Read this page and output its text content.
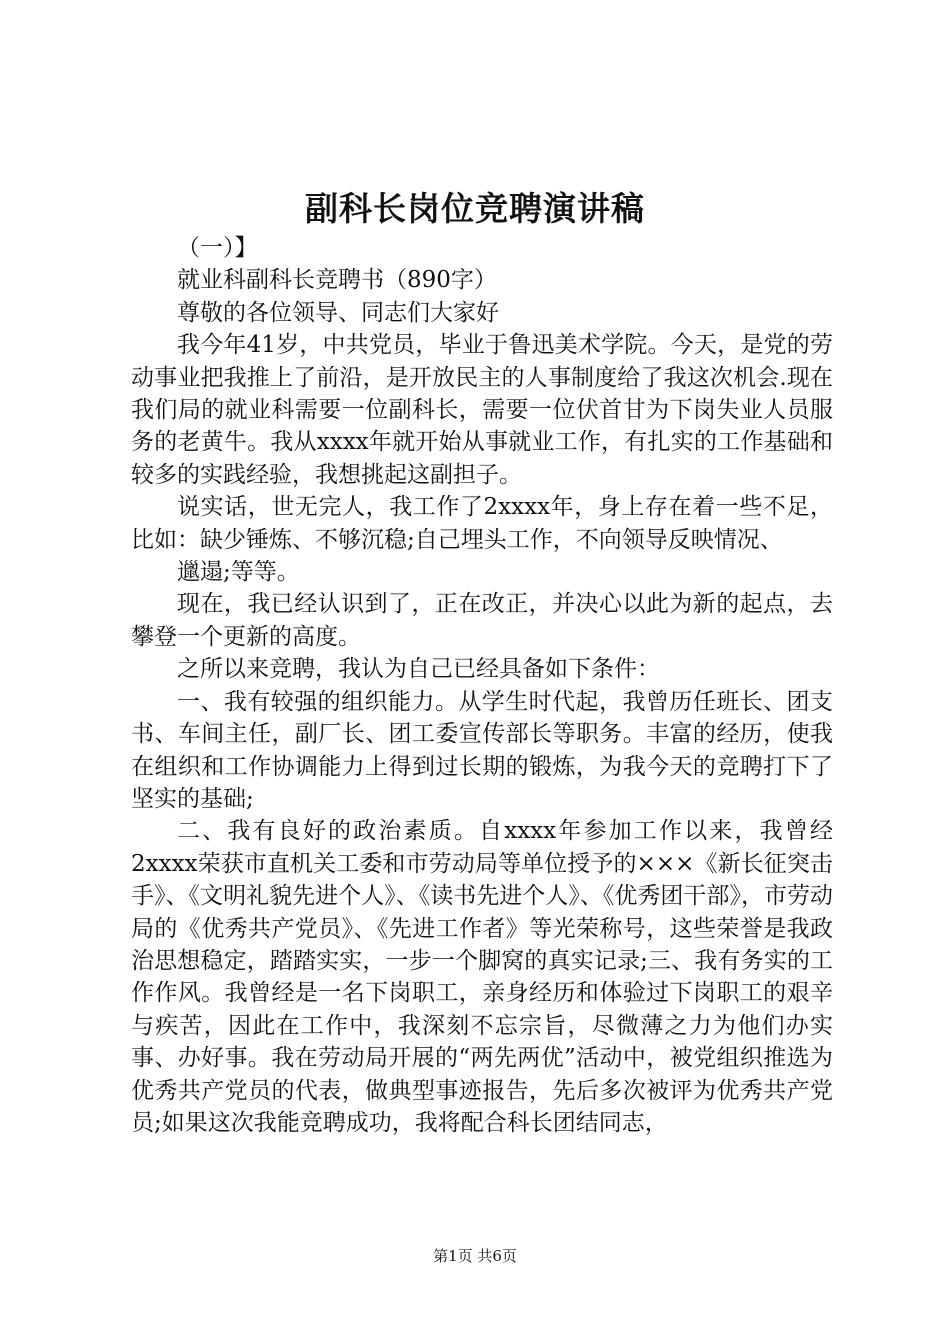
副科长岗位竞聘演讲稿

（一）】

就业科副科长竞聘书（890字）

尊敬的各位领导、同志们大家好

我今年41岁，中共党员，毕业于鲁迅美术学院。今天，是党的劳动事业把我推上了前沿，是开放民主的人事制度给了我这次机会.现在我们局的就业科需要一位副科长，需要一位伏首甘为下岗失业人员服务的老黄牛。我从xxxx年就开始从事就业工作，有扎实的工作基础和较多的实践经验，我想挑起这副担子。

说实话，世无完人，我工作了2xxxx年，身上存在着一些不足，比如：缺少锤炼、不够沉稳;自己埋头工作，不向领导反映情况、

邋遢;等等。

现在，我已经认识到了，正在改正，并决心以此为新的起点，去攀登一个更新的高度。

之所以来竞聘，我认为自己已经具备如下条件：

一、我有较强的组织能力。从学生时代起，我曾历任班长、团支书、车间主任，副厂长、团工委宣传部长等职务。丰富的经历，使我在组织和工作协调能力上得到过长期的锻炼，为我今天的竞聘打下了坚实的基础;

二、我有良好的政治素质。自xxxx年参加工作以来，我曾经2xxxx荣获市直机关工委和市劳动局等单位授予的×××《新长征突击手》、《文明礼貌先进个人》、《读书先进个人》、《优秀团干部》，市劳动局的《优秀共产党员》、《先进工作者》等光荣称号，这些荣誉是我政治思想稳定，踏踏实实，一步一个脚窝的真实记录;三、我有务实的工作作风。我曾经是一名下岗职工，亲身经历和体验过下岗职工的艰辛与疾苦，因此在工作中，我深刻不忘宗旨，尽微薄之力为他们办实事、办好事。我在劳动局开展的“两先两优”活动中，被党组织推选为优秀共产党员的代表，做典型事迹报告，先后多次被评为优秀共产党员;如果这次我能竞聘成功，我将配合科长团结同志，

第1页 共6页
